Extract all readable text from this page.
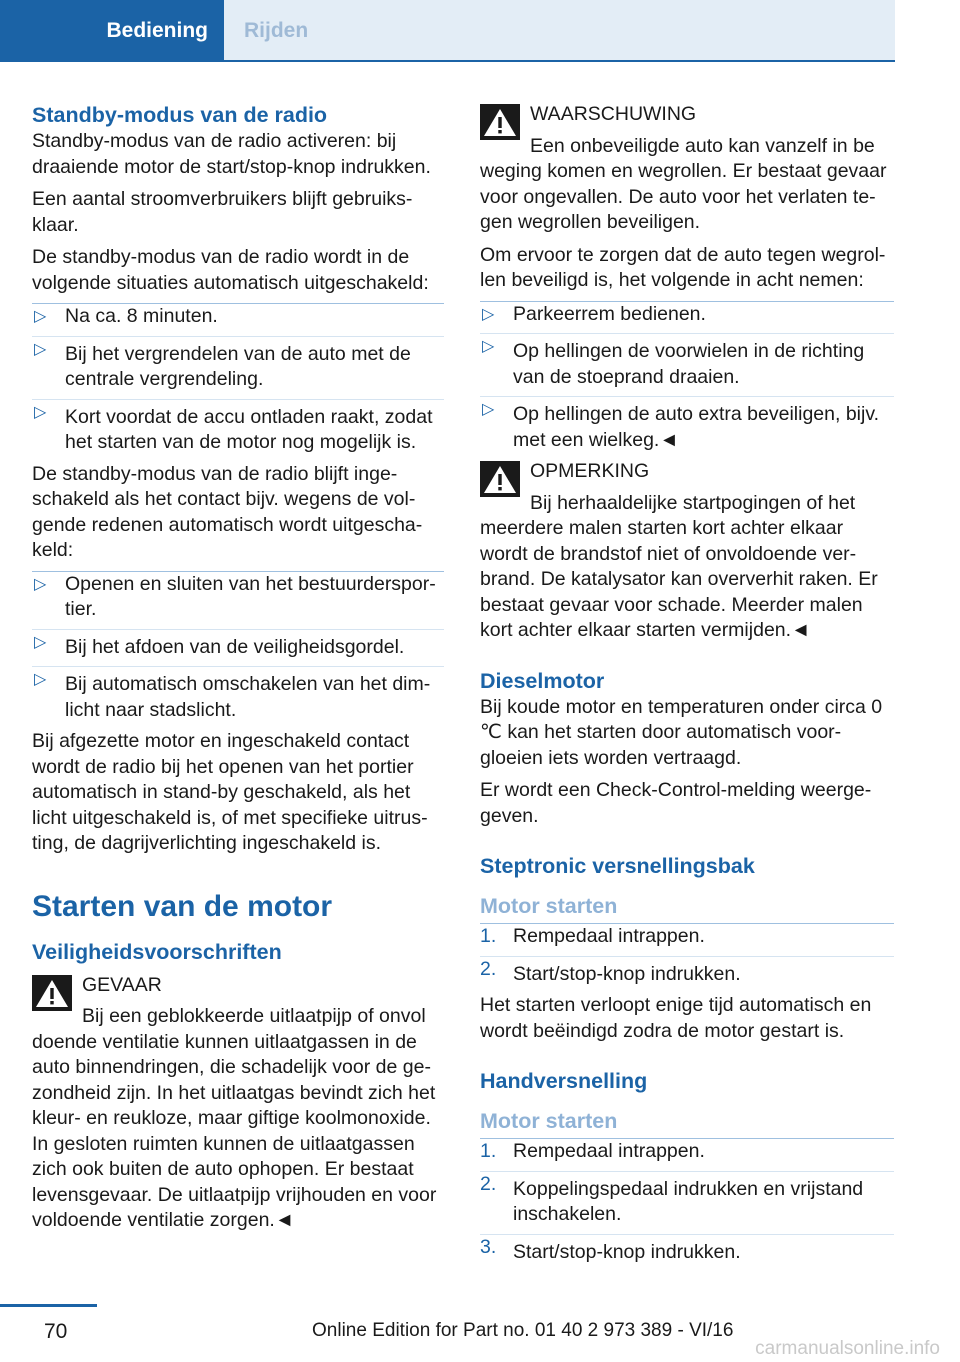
Bediening	Rijden
Standby-modus van de radio

Standby-modus van de radio activeren: bij draaiende motor de start/stop-knop indrukken.

Een aantal stroomverbruikers blijft gebruiksklaar.

De standby-modus van de radio wordt in de volgende situaties automatisch uitgeschakeld:

▷ Na ca. 8 minuten.
▷ Bij het vergrendelen van de auto met de centrale vergrendeling.
▷ Kort voordat de accu ontladen raakt, zodat het starten van de motor nog mogelijk is.

De standby-modus van de radio blijft ingeschakeld als het contact bijv. wegens de volgende redenen automatisch wordt uitgeschakeld:

▷ Openen en sluiten van het bestuurdersportier.
▷ Bij het afdoen van de veiligheidsgordel.
▷ Bij automatisch omschakelen van het dimlicht naar stadslicht.

Bij afgezette motor en ingeschakeld contact wordt de radio bij het openen van het portier automatisch in stand-by geschakeld, als het licht uitgeschakeld is, of met specifieke uitrusting, de dagrijverlichting ingeschakeld is.

Starten van de motor
Veiligheidsvoorschriften
GEVAAR
Bij een geblokkeerde uitlaatpijp of onvol
doende ventilatie kunnen uitlaatgassen in de auto binnendringen, die schadelijk voor de gezondheid zijn. In het uitlaatgas bevindt zich het kleur- en reukloze, maar giftige koolmonoxide. In gesloten ruimten kunnen de uitlaatgassen zich ook buiten de auto ophopen. Er bestaat levensgevaar. De uitlaatpijp vrijhouden en voor voldoende ventilatie zorgen.◄
WAARSCHUWING
Een onbeveiligde auto kan vanzelf in be
weging komen en wegrollen. Er bestaat gevaar voor ongevallen. De auto voor het verlaten tegen wegrollen beveiligen.

Om ervoor te zorgen dat de auto tegen wegrollen beveiligd is, het volgende in acht nemen:

▷ Parkeerrem bedienen.
▷ Op hellingen de voorwielen in de richting van de stoeprand draaien.
▷ Op hellingen de auto extra beveiligen, bijv. met een wielkeg.◄
OPMERKING
Bij herhaaldelijke startpogingen of het
meerdere malen starten kort achter elkaar wordt de brandstof niet of onvoldoende verbrand. De katalysator kan oververhit raken. Er bestaat gevaar voor schade. Meerder malen kort achter elkaar starten vermijden.◄
Dieselmotor

Bij koude motor en temperaturen onder circa 0 ℃ kan het starten door automatisch voorgloeien iets worden vertraagd.

Er wordt een Check-Control-melding weergegeven.

Steptronic versnellingsbak
Motor starten
1. Rempedaal intrappen.
2. Start/stop-knop indrukken.

Het starten verloopt enige tijd automatisch en wordt beëindigd zodra de motor gestart is.

Handversnelling
Motor starten
1. Rempedaal intrappen.
2. Koppelingspedaal indrukken en vrijstand inschakelen.
3. Start/stop-knop indrukken.
70	Online Edition for Part no. 01 40 2 973 389 - VI/16
carmanualsonline.info
